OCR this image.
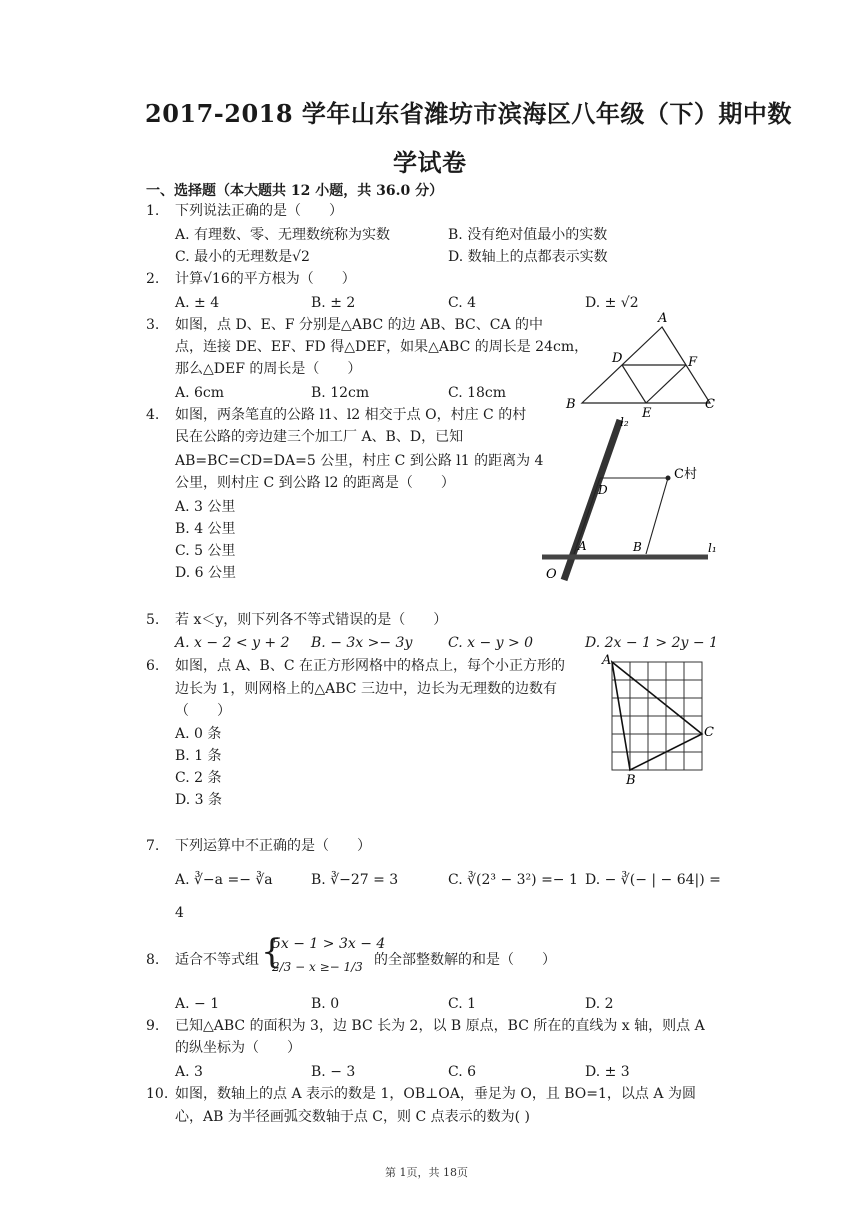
2017-2018 学年山东省潍坊市滨海区八年级（下）期中数
学试卷
一、选择题（本大题共 12 小题，共 36.0 分）
1. 下列说法正确的是（　　）
A. 有理数、零、无理数统称为实数	B. 没有绝对值最小的实数
C. 最小的无理数是√2	D. 数轴上的点都表示实数
2. 计算√16的平方根为（　　）
A. ± 4	B. ± 2	C. 4	D. ± √2
3. 如图，点 D、E、F 分别是△ABC 的边 AB、BC、CA 的中
点，连接 DE、EF、FD 得△DEF，如果△ABC 的周长是 24cm，
那么△DEF 的周长是（　　）
A. 6cm	B. 12cm	C. 18cm
A
D	F
B
E
C
4. 如图，两条笔直的公路 l1、l2 相交于点 O，村庄 C 的村
民在公路的旁边建三个加工厂 A、B、D，已知
AB=BC=CD=DA=5 公里，村庄 C 到公路 l1 的距离为 4
公里，则村庄 C 到公路 l2 的距离是（　　）
A. 3 公里
B. 4 公里
C. 5 公里
D. 6 公里
l₂
C村
D
A	B	l₁
O
5. 若 x＜y，则下列各不等式错误的是（　　）
A. x − 2 < y + 2 B. − 3x >− 3y	C. x − y > 0	D. 2x − 1 > 2y − 1
6. 如图，点 A、B、C 在正方形网格中的格点上，每个小正方形的
边长为 1，则网格上的△ABC 三边中，边长为无理数的边数有
（　　）
A. 0 条
B. 1 条
C. 2 条
D. 3 条
A
C
B
7. 下列运算中不正确的是（　　）
A. ∛−a =− ∛a	B. ∛−27 = 3	C. ∛(2³ − 3²) =− 1 D. − ∛(− | − 64|) =
4
8. 适合不等式组 {
5x − 1 > 3x − 4
2/3 − x ≥− 1/3 的全部整数解的和是（　　）
A. − 1	B. 0	C. 1	D. 2
9. 已知△ABC 的面积为 3，边 BC 长为 2，以 B 原点，BC 所在的直线为 x 轴，则点 A
的纵坐标为（　　）
A. 3	B. − 3	C. 6	D. ± 3
10. 如图，数轴上的点 A 表示的数是 1，OB⊥OA，垂足为 O，且 BO=1，以点 A 为圆
心，AB 为半径画弧交数轴于点 C，则 C 点表示的数为( )
第 1页，共 18页
